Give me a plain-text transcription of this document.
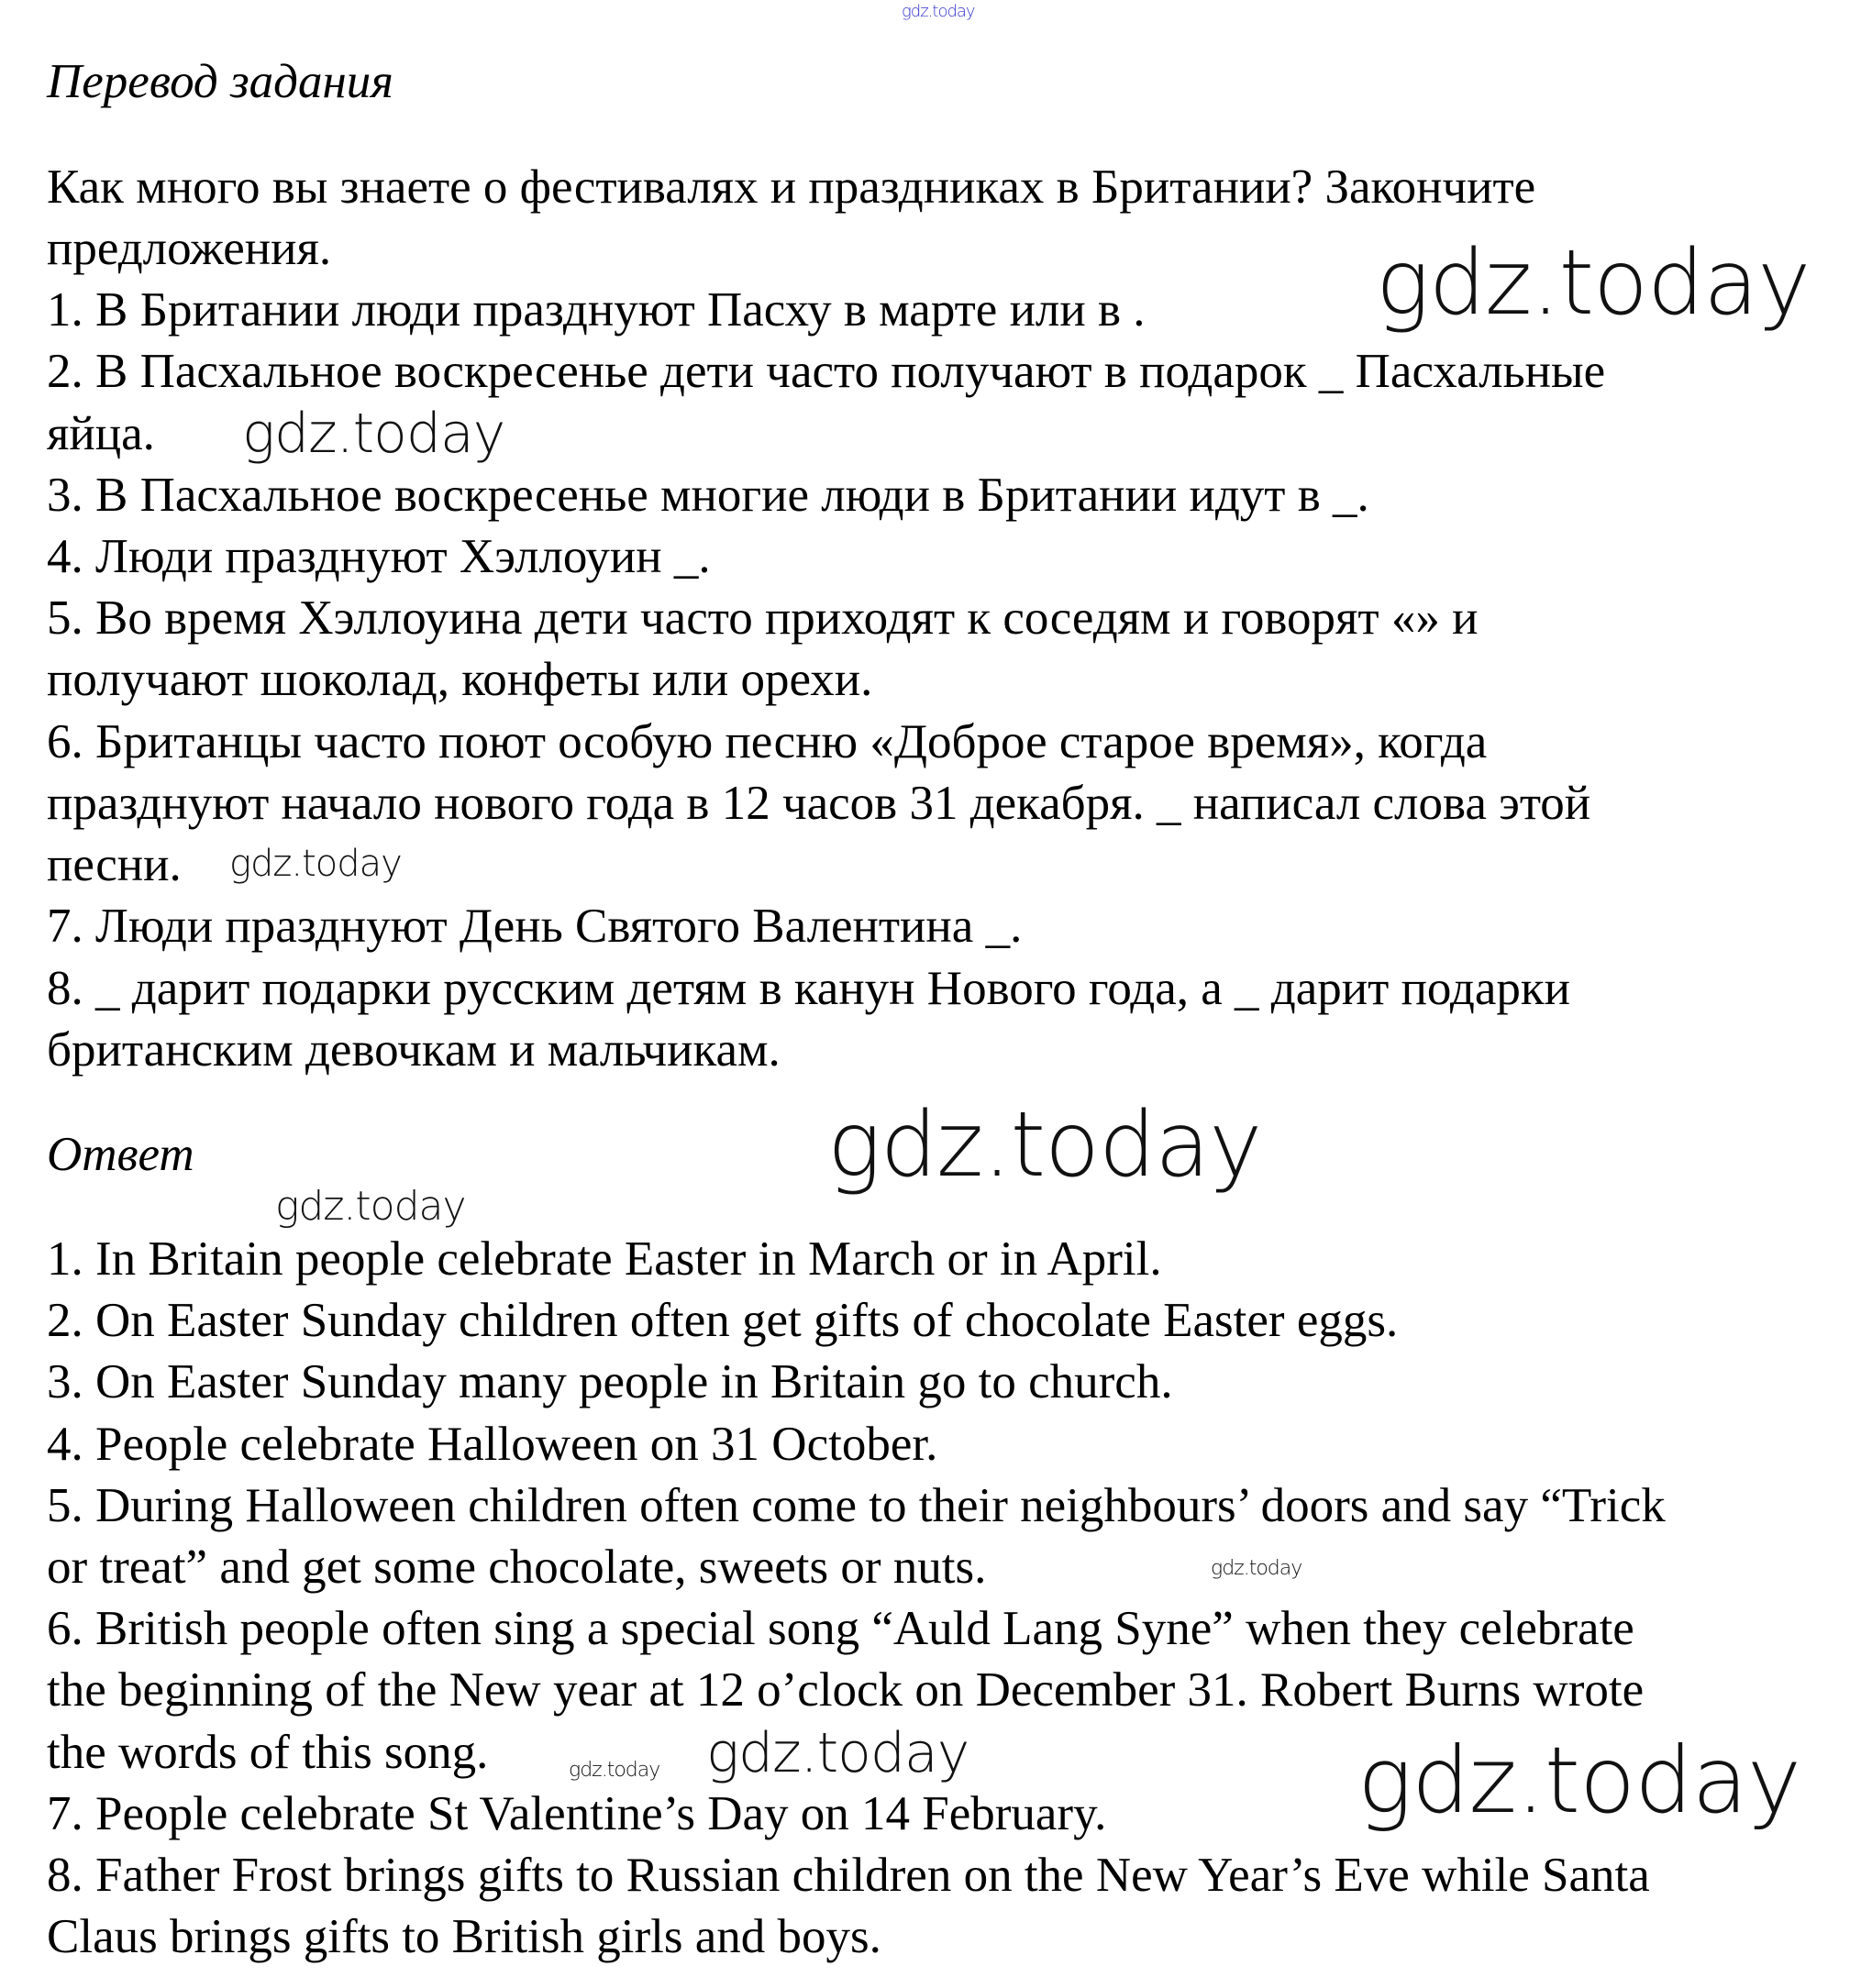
gdz.today
Перевод задания
Как много вы знаете о фестивалях и праздниках в Британии? Закончите
предложения.
1. В Британии люди празднуют Пасху в марте или в .
2. В Пасхальное воскресенье дети часто получают в подарок _ Пасхальные
яйца.
3. В Пасхальное воскресенье многие люди в Британии идут в _.
4. Люди празднуют Хэллоуин _.
5. Во время Хэллоуина дети часто приходят к соседям и говорят «» и
получают шоколад, конфеты или орехи.
6. Британцы часто поют особую песню «Доброе старое время», когда
празднуют начало нового года в 12 часов 31 декабря. _ написал слова этой
песни.
7. Люди празднуют День Святого Валентина _.
8. _ дарит подарки русским детям в канун Нового года, а _ дарит подарки
британским девочкам и мальчикам.
Ответ
1. In Britain people celebrate Easter in March or in April.
2. On Easter Sunday children often get gifts of chocolate Easter eggs.
3. On Easter Sunday many people in Britain go to church.
4. People celebrate Halloween on 31 October.
5. During Halloween children often come to their neighbours’ doors and say “Trick
or treat” and get some chocolate, sweets or nuts.
6. British people often sing a special song “Auld Lang Syne” when they celebrate
the beginning of the New year at 12 o’clock on December 31. Robert Burns wrote
the words of this song.
7. People celebrate St Valentine’s Day on 14 February.
8. Father Frost brings gifts to Russian children on the New Year’s Eve while Santa
Claus brings gifts to British girls and boys.
gdz.today
gdz.today
gdz.today
gdz.today
gdz.today
gdz.today
gdz.today gdz.today	gdz.today
